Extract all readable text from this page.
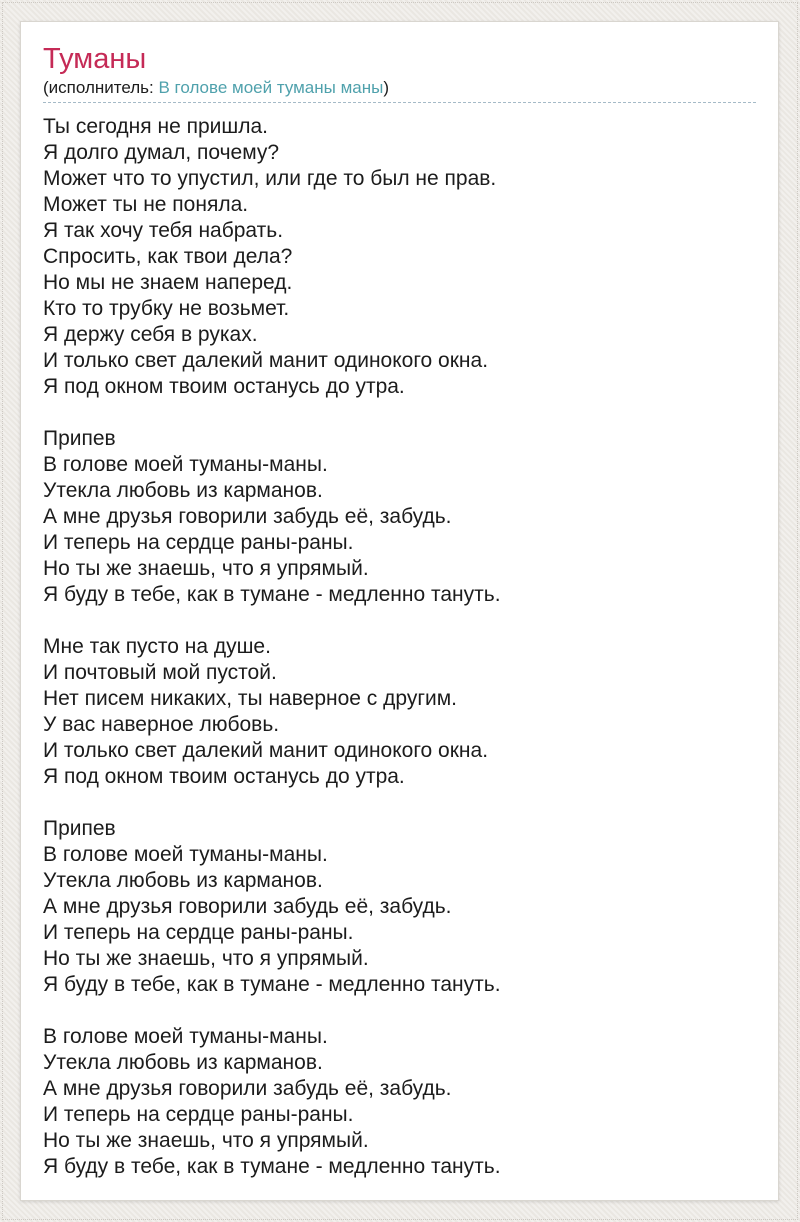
Туманы
(исполнитель: В голове моей туманы маны)
Ты сегодня не пришла.
Я долго думал, почему?
Может что то упустил, или где то был не прав.
Может ты не поняла.
Я так хочу тебя набрать.
Спросить, как твои дела?
Но мы не знаем наперед.
Кто то трубку не возьмет.
Я держу себя в руках.
И только свет далекий манит одинокого окна.
Я под окном твоим останусь до утра.

Припев
В голове моей туманы-маны.
Утекла любовь из карманов.
А мне друзья говорили забудь её, забудь.
И теперь на сердце раны-раны.
Но ты же знаешь, что я упрямый.
Я буду в тебе, как в тумане - медленно тануть.

Мне так пусто на душе.
И почтовый мой пустой.
Нет писем никаких, ты наверное с другим.
У вас наверное любовь.
И только свет далекий манит одинокого окна.
Я под окном твоим останусь до утра.

Припев
В голове моей туманы-маны.
Утекла любовь из карманов.
А мне друзья говорили забудь её, забудь.
И теперь на сердце раны-раны.
Но ты же знаешь, что я упрямый.
Я буду в тебе, как в тумане - медленно тануть.

В голове моей туманы-маны.
Утекла любовь из карманов.
А мне друзья говорили забудь её, забудь.
И теперь на сердце раны-раны.
Но ты же знаешь, что я упрямый.
Я буду в тебе, как в тумане - медленно тануть.
